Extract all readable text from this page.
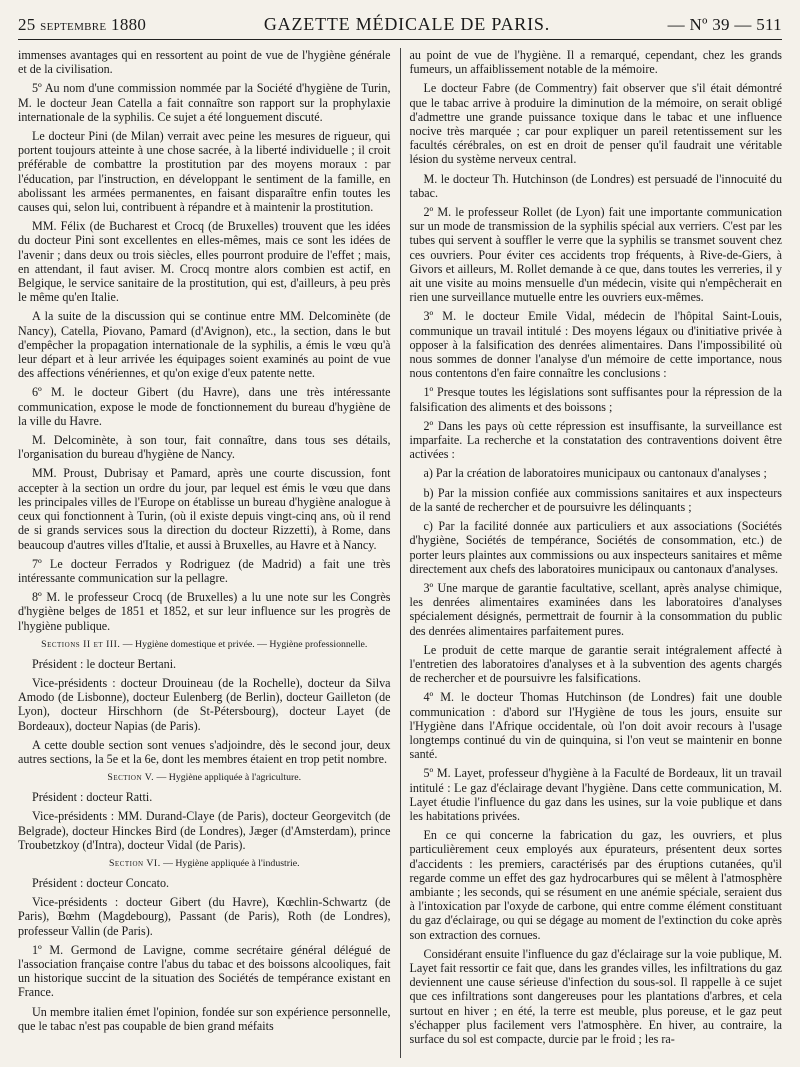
25 septembre 1880	GAZETTE MÉDICALE DE PARIS.	— Nº 39 — 511

immenses avantages qui en ressortent au point de vue de l'hygiène générale et de la civilisation.

5º Au nom d'une commission nommée par la Société d'hygiène de Turin, M. le docteur Jean Catella a fait connaître son rapport sur la prophylaxie internationale de la syphilis. Ce sujet a été longuement discuté.

Le docteur Pini (de Milan) verrait avec peine les mesures de rigueur, qui portent toujours atteinte à une chose sacrée, à la liberté individuelle ; il croit préférable de combattre la prostitution par des moyens moraux : par l'éducation, par l'instruction, en développant le sentiment de la famille, en abolissant les armées permanentes, en faisant disparaître enfin toutes les causes qui, selon lui, contribuent à répandre et à maintenir la prostitution.

MM. Félix (de Bucharest et Crocq (de Bruxelles) trouvent que les idées du docteur Pini sont excellentes en elles-mêmes, mais ce sont les idées de l'avenir ; dans deux ou trois siècles, elles pourront produire de l'effet ; mais, en attendant, il faut aviser. M. Crocq montre alors combien est actif, en Belgique, le service sanitaire de la prostitution, qui est, d'ailleurs, à peu près le même qu'en Italie.

A la suite de la discussion qui se continue entre MM. Delcominète (de Nancy), Catella, Piovano, Pamard (d'Avignon), etc., la section, dans le but d'empêcher la propagation internationale de la syphilis, a émis le vœu qu'à leur départ et à leur arrivée les équipages soient examinés au point de vue des affections vénériennes, et qu'on exige d'eux patente nette.

6º M. le docteur Gibert (du Havre), dans une très intéressante communication, expose le mode de fonctionnement du bureau d'hygiène de la ville du Havre.

M. Delcominète, à son tour, fait connaître, dans tous ses détails, l'organisation du bureau d'hygiène de Nancy.

MM. Proust, Dubrisay et Pamard, après une courte discussion, font accepter à la section un ordre du jour, par lequel est émis le vœu que dans les principales villes de l'Europe on établisse un bureau d'hygiène analogue à ceux qui fonctionnent à Turin, (où il existe depuis vingt-cinq ans, où il rend de si grands services sous la direction du docteur Rizzetti), à Rome, dans beaucoup d'autres villes d'Italie, et aussi à Bruxelles, au Havre et à Nancy.

7º Le docteur Ferrados y Rodriguez (de Madrid) a fait une très intéressante communication sur la pellagre.

8º M. le professeur Crocq (de Bruxelles) a lu une note sur les Congrès d'hygiène belges de 1851 et 1852, et sur leur influence sur les progrès de l'hygiène publique.

Sections II et III. — Hygiène domestique et privée. — Hygiène professionnelle.

Président : le docteur Bertani.

Vice-présidents : docteur Drouineau (de la Rochelle), docteur da Silva Amodo (de Lisbonne), docteur Eulenberg (de Berlin), docteur Gailleton (de Lyon), docteur Hirschhorn (de St-Pétersbourg), docteur Layet (de Bordeaux), docteur Napias (de Paris).

A cette double section sont venues s'adjoindre, dès le second jour, deux autres sections, la 5e et la 6e, dont les membres étaient en trop petit nombre.

Section V. — Hygiène appliquée à l'agriculture.

Président : docteur Ratti.

Vice-présidents : MM. Durand-Claye (de Paris), docteur Georgevitch (de Belgrade), docteur Hinckes Bird (de Londres), Jæger (d'Amsterdam), prince Troubetzkoy (d'Intra), docteur Vidal (de Paris).

Section VI. — Hygiène appliquée à l'industrie.

Président : docteur Concato.

Vice-présidents : docteur Gibert (du Havre), Kœchlin-Schwartz (de Paris), Bœhm (Magdebourg), Passant (de Paris), Roth (de Londres), professeur Vallin (de Paris).

1º M. Germond de Lavigne, comme secrétaire général délégué de l'association française contre l'abus du tabac et des boissons alcooliques, fait un historique succint de la situation des Sociétés de tempérance existant en France.

Un membre italien émet l'opinion, fondée sur son expérience personnelle, que le tabac n'est pas coupable de bien grand méfaits

au point de vue de l'hygiène. Il a remarqué, cependant, chez les grands fumeurs, un affaiblissement notable de la mémoire.

Le docteur Fabre (de Commentry) fait observer que s'il était démontré que le tabac arrive à produire la diminution de la mémoire, on serait obligé d'admettre une grande puissance toxique dans le tabac et une influence nocive très marquée ; car pour expliquer un pareil retentissement sur les facultés cérébrales, on est en droit de penser qu'il faudrait une véritable lésion du système nerveux central.

M. le docteur Th. Hutchinson (de Londres) est persuadé de l'innocuité du tabac.

2º M. le professeur Rollet (de Lyon) fait une importante communication sur un mode de transmission de la syphilis spécial aux verriers. C'est par les tubes qui servent à souffler le verre que la syphilis se transmet souvent chez ces ouvriers. Pour éviter ces accidents trop fréquents, à Rive-de-Giers, à Givors et ailleurs, M. Rollet demande à ce que, dans toutes les verreries, il y ait une visite au moins mensuelle d'un médecin, visite qui n'empêcherait en rien une surveillance mutuelle entre les ouvriers eux-mêmes.

3º M. le docteur Emile Vidal, médecin de l'hôpital Saint-Louis, communique un travail intitulé : Des moyens légaux ou d'initiative privée à opposer à la falsification des denrées alimentaires. Dans l'impossibilité où nous sommes de donner l'analyse d'un mémoire de cette importance, nous nous contentons d'en faire connaître les conclusions :

1º Presque toutes les législations sont suffisantes pour la répression de la falsification des aliments et des boissons ;

2º Dans les pays où cette répression est insuffisante, la surveillance est imparfaite. La recherche et la constatation des contraventions doivent être activées :

a) Par la création de laboratoires municipaux ou cantonaux d'analyses ;

b) Par la mission confiée aux commissions sanitaires et aux inspecteurs de la santé de rechercher et de poursuivre les délinquants ;

c) Par la facilité donnée aux particuliers et aux associations (Sociétés d'hygiène, Sociétés de tempérance, Sociétés de consommation, etc.) de porter leurs plaintes aux commissions ou aux inspecteurs sanitaires et même directement aux chefs des laboratoires municipaux ou cantonaux d'analyses.

3º Une marque de garantie facultative, scellant, après analyse chimique, les denrées alimentaires examinées dans les laboratoires d'analyses spécialement désignés, permettrait de fournir à la consommation du public des denrées alimentaires parfaitement pures.

Le produit de cette marque de garantie serait intégralement affecté à l'entretien des laboratoires d'analyses et à la subvention des agents chargés de rechercher et de poursuivre les falsifications.

4º M. le docteur Thomas Hutchinson (de Londres) fait une double communication : d'abord sur l'Hygiène de tous les jours, ensuite sur l'Hygiène dans l'Afrique occidentale, où l'on doit avoir recours à l'usage longtemps continué du vin de quinquina, si l'on veut se maintenir en bonne santé.

5º M. Layet, professeur d'hygiène à la Faculté de Bordeaux, lit un travail intitulé : Le gaz d'éclairage devant l'hygiène. Dans cette communication, M. Layet étudie l'influence du gaz dans les usines, sur la voie publique et dans les habitations privées.

En ce qui concerne la fabrication du gaz, les ouvriers, et plus particulièrement ceux employés aux épurateurs, présentent deux sortes d'accidents : les premiers, caractérisés par des éruptions cutanées, qu'il regarde comme un effet des gaz hydrocarbures qui se mêlent à l'atmosphère ambiante ; les seconds, qui se résument en une anémie spéciale, seraient dus à l'intoxication par l'oxyde de carbone, qui entre comme élément constituant du gaz d'éclairage, ou qui se dégage au moment de l'extinction du coke après son extraction des cornues.

Considérant ensuite l'influence du gaz d'éclairage sur la voie publique, M. Layet fait ressortir ce fait que, dans les grandes villes, les infiltrations du gaz deviennent une cause sérieuse d'infection du sous-sol. Il rappelle à ce sujet que ces infiltrations sont dangereuses pour les plantations d'arbres, et cela surtout en hiver ; en été, la terre est meuble, plus poreuse, et le gaz peut s'échapper plus facilement vers l'atmosphère. En hiver, au contraire, la surface du sol est compacte, durcie par le froid ; les ra-
